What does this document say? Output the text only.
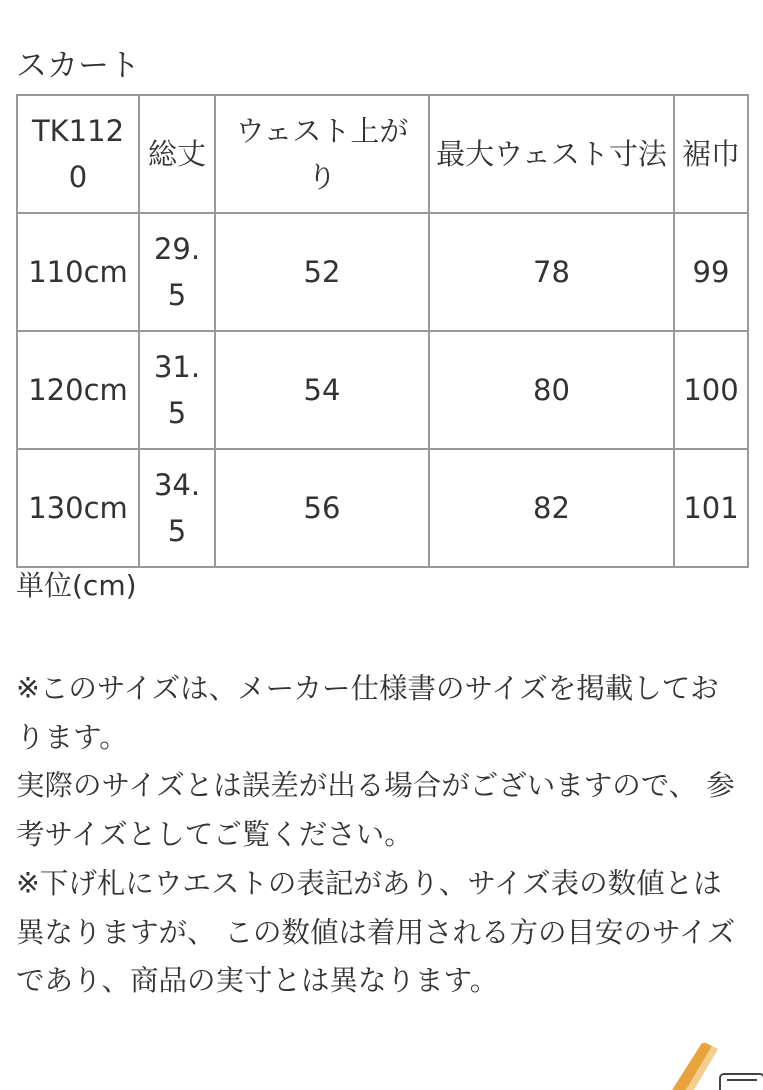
スカート
TK1120	総丈	ウェスト上がり	最大ウェスト寸法	裾巾
110cm	29.5	52	78	99
120cm	31.5	54	80	100
130cm	34.5	56	82	101
単位(cm)

※このサイズは、メーカー仕様書のサイズを掲載しております。

実際のサイズとは誤差が出る場合がございますので、 参考サイズとしてご覧ください。

※下げ札にウエストの表記があり、サイズ表の数値とは異なりますが、 この数値は着用される方の目安のサイズであり、商品の実寸とは異なります。
